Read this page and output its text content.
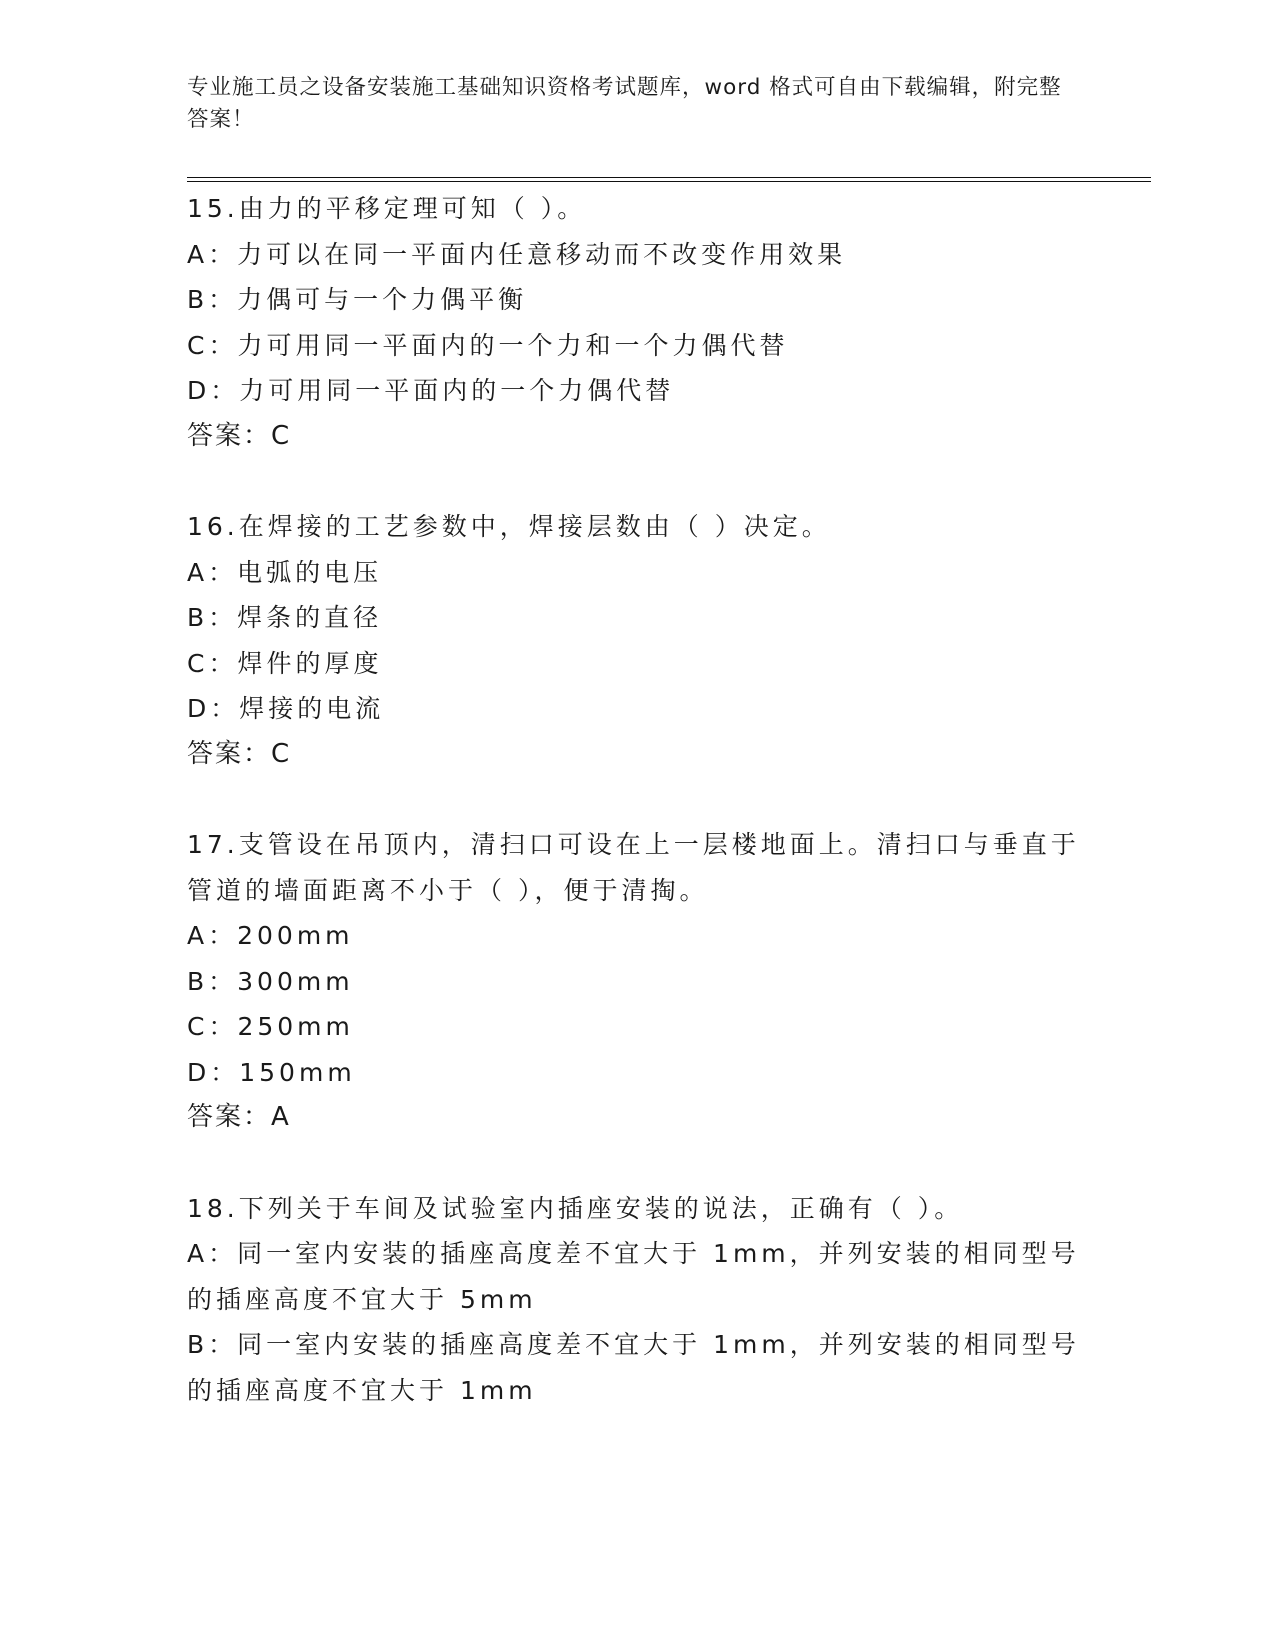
专业施工员之设备安装施工基础知识资格考试题库，word 格式可自由下载编辑，附完整答案！

15.由力的平移定理可知（ ）。

A：力可以在同一平面内任意移动而不改变作用效果

B：力偶可与一个力偶平衡

C：力可用同一平面内的一个力和一个力偶代替

D：力可用同一平面内的一个力偶代替

答案：C

16.在焊接的工艺参数中，焊接层数由（ ）决定。

A：电弧的电压

B：焊条的直径

C：焊件的厚度

D：焊接的电流

答案：C

17.支管设在吊顶内，清扫口可设在上一层楼地面上。清扫口与垂直于管道的墙面距离不小于（ ），便于清掏。

A：200mm

B：300mm

C：250mm

D：150mm

答案：A

18.下列关于车间及试验室内插座安装的说法，正确有（ ）。

A：同一室内安装的插座高度差不宜大于 1mm，并列安装的相同型号的插座高度不宜大于 5mm

B：同一室内安装的插座高度差不宜大于 1mm，并列安装的相同型号的插座高度不宜大于 1mm
